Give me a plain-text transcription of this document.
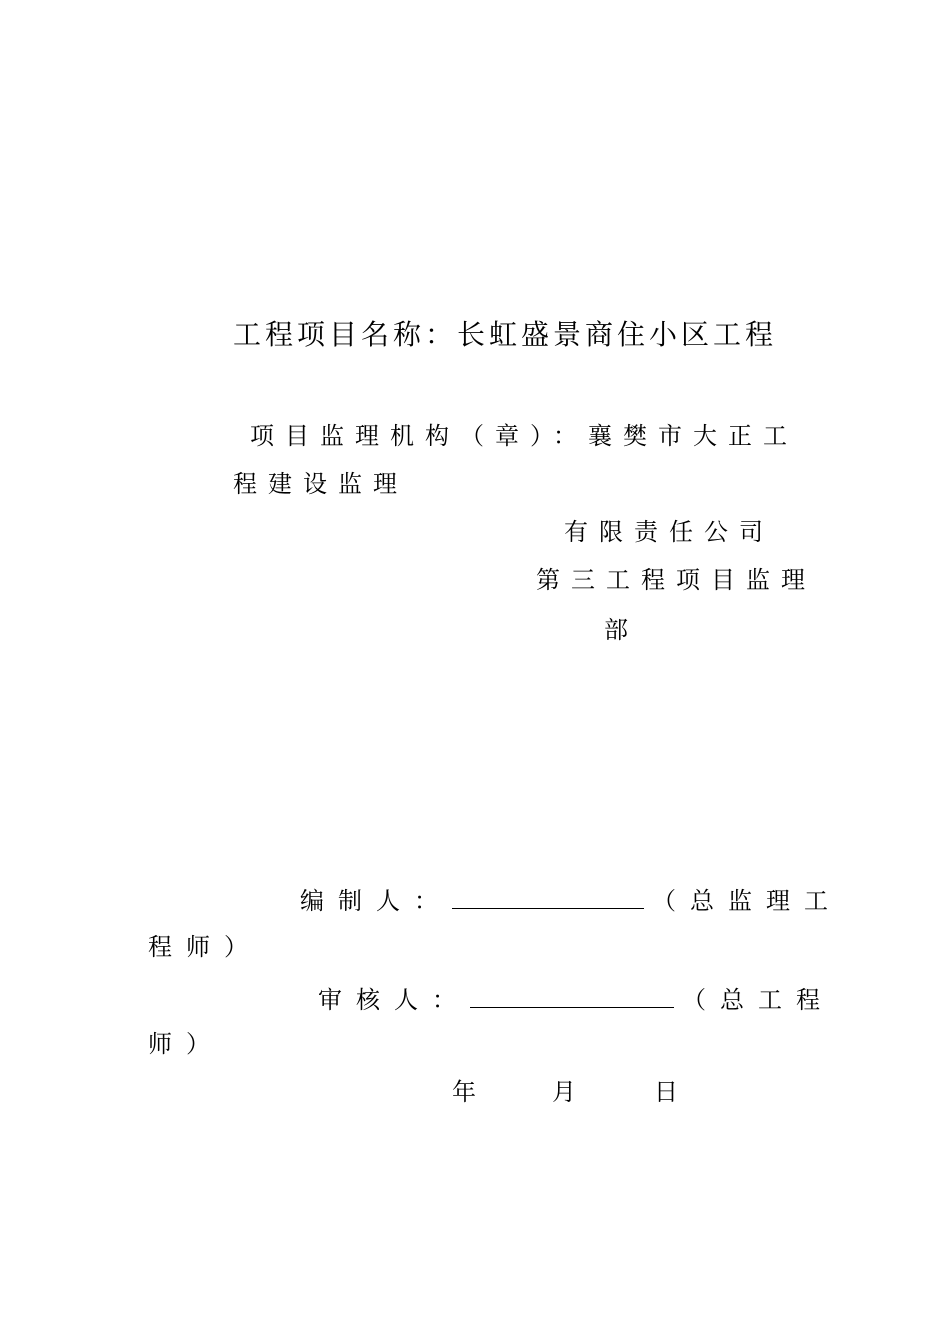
工程项目名称：长虹盛景商住小区工程
项目监理机构（章）：襄樊市大正工
程建设监理
有限责任公司
第三工程项目监理
部
编制人：	（总监理工
程师）
审核人：	（总工程
师）
年	月	日
